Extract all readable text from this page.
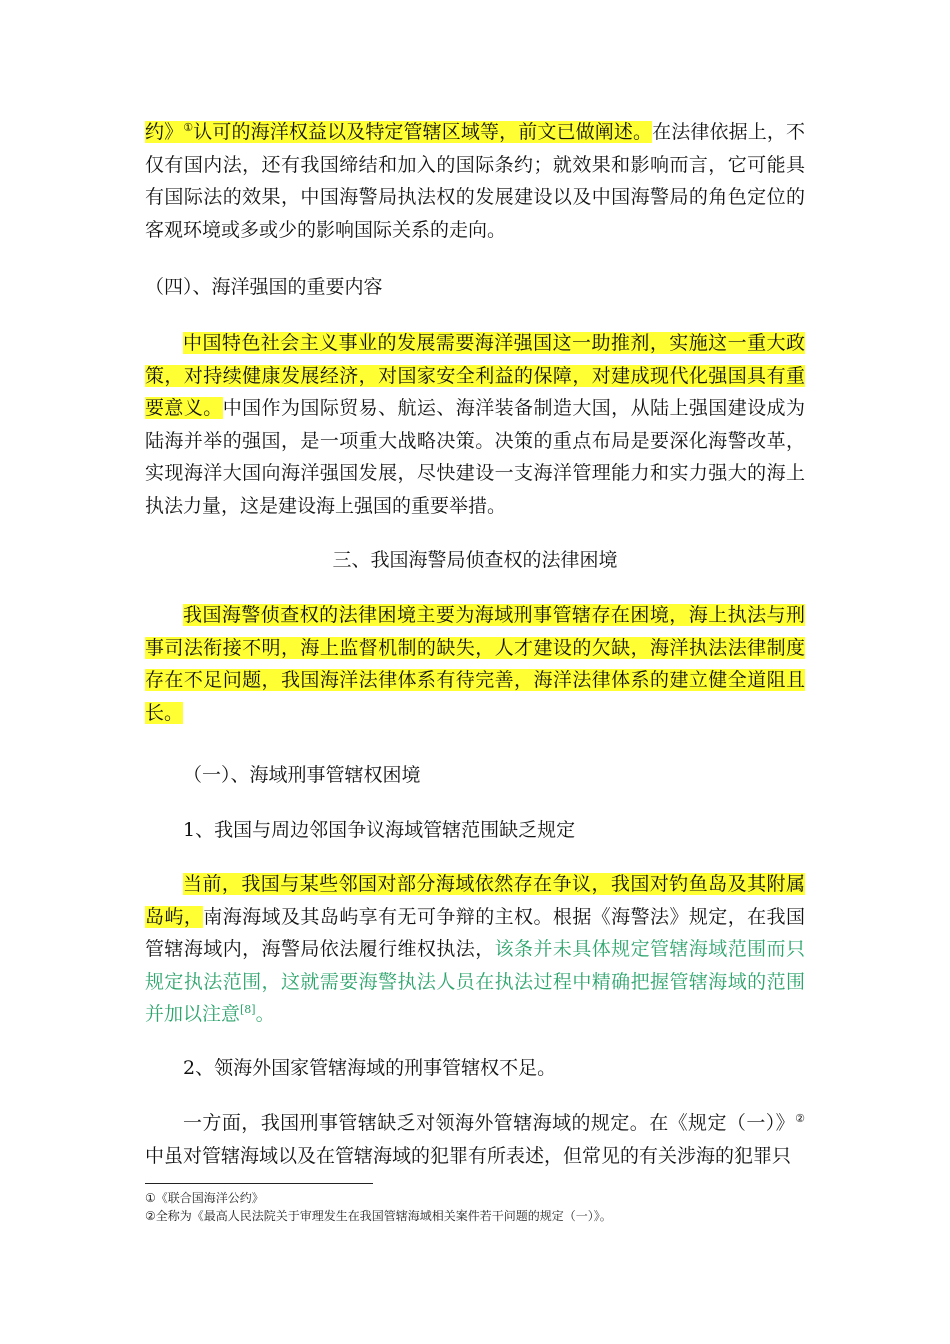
约》①认可的海洋权益以及特定管辖区域等，前文已做阐述。在法律依据上，不仅有国内法，还有我国缔结和加入的国际条约；就效果和影响而言，它可能具有国际法的效果，中国海警局执法权的发展建设以及中国海警局的角色定位的客观环境或多或少的影响国际关系的走向。

（四）、海洋强国的重要内容

中国特色社会主义事业的发展需要海洋强国这一助推剂，实施这一重大政策，对持续健康发展经济，对国家安全利益的保障，对建成现代化强国具有重要意义。中国作为国际贸易、航运、海洋装备制造大国，从陆上强国建设成为陆海并举的强国，是一项重大战略决策。决策的重点布局是要深化海警改革，实现海洋大国向海洋强国发展，尽快建设一支海洋管理能力和实力强大的海上执法力量，这是建设海上强国的重要举措。

三、我国海警局侦查权的法律困境

我国海警侦查权的法律困境主要为海域刑事管辖存在困境，海上执法与刑事司法衔接不明，海上监督机制的缺失，人才建设的欠缺，海洋执法法律制度存在不足问题，我国海洋法律体系有待完善，海洋法律体系的建立健全道阻且长。

（一）、海域刑事管辖权困境

1、我国与周边邻国争议海域管辖范围缺乏规定

当前，我国与某些邻国对部分海域依然存在争议，我国对钓鱼岛及其附属岛屿，南海海域及其岛屿享有无可争辩的主权。根据《海警法》规定，在我国管辖海域内，海警局依法履行维权执法，该条并未具体规定管辖海域范围而只规定执法范围，这就需要海警执法人员在执法过程中精确把握管辖海域的范围并加以注意[8]。

2、领海外国家管辖海域的刑事管辖权不足。

一方面，我国刑事管辖缺乏对领海外管辖海域的规定。在《规定（一）》②中虽对管辖海域以及在管辖海域的犯罪有所表述，但常见的有关涉海的犯罪只

①《联合国海洋公约》

②全称为《最高人民法院关于审理发生在我国管辖海域相关案件若干问题的规定（一）》。
